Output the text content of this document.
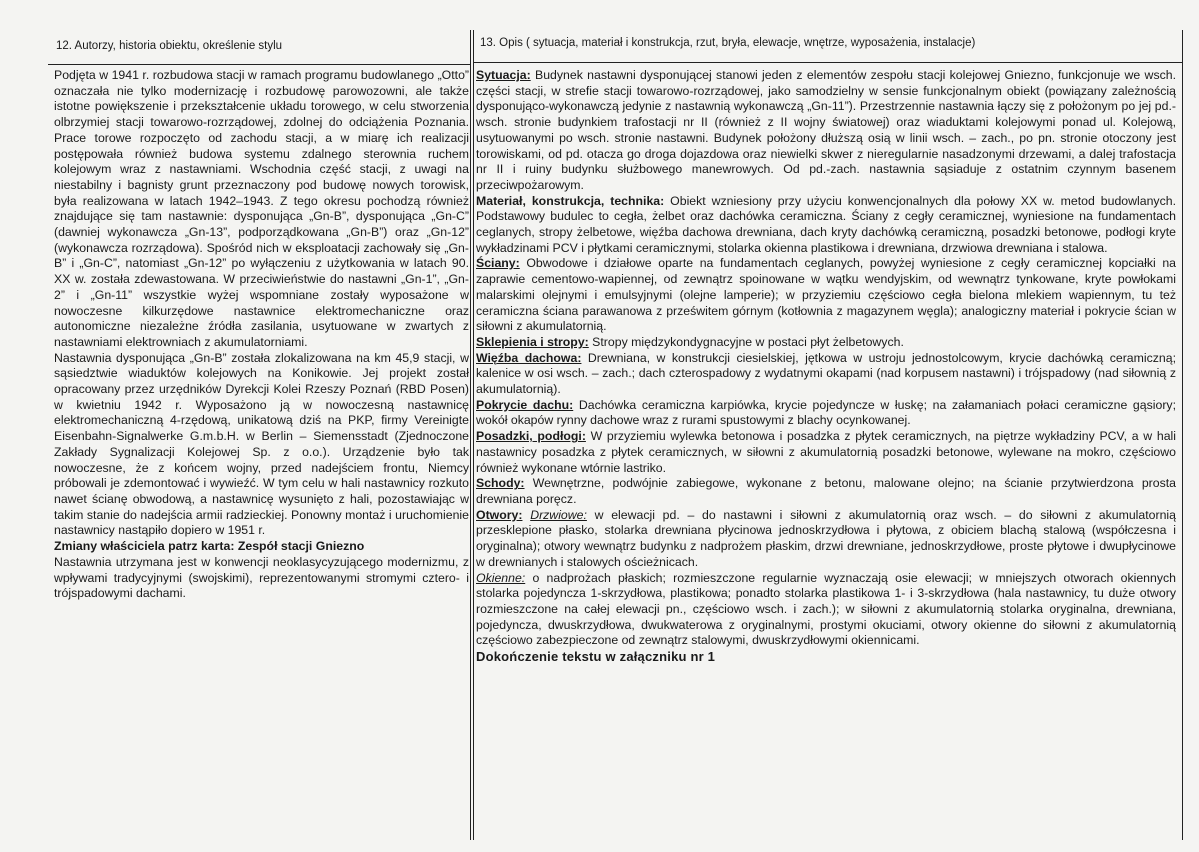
12. Autorzy, historia obiektu, określenie stylu	13. Opis ( sytuacja, materiał i konstrukcja, rzut, bryła, elewacje, wnętrze, wyposażenia, instalacje)

Podjęta w 1941 r. rozbudowa stacji w ramach programu budowlanego „Otto” oznaczała nie tylko modernizację i rozbudowę parowozowni, ale także istotne powiększenie i przekształcenie układu torowego, w celu stworzenia olbrzymiej stacji towarowo-rozrządowej, zdolnej do odciążenia Poznania. Prace torowe rozpoczęto od zachodu stacji, a w miarę ich realizacji postępowała również budowa systemu zdalnego sterownia ruchem kolejowym wraz z nastawniami. Wschodnia część stacji, z uwagi na niestabilny i bagnisty grunt przeznaczony pod budowę nowych torowisk, była realizowana w latach 1942–1943. Z tego okresu pochodzą również znajdujące się tam nastawnie: dysponująca „Gn-B”, dysponująca „Gn-C” (dawniej wykonawcza „Gn-13”, podporządkowana „Gn-B”) oraz „Gn-12” (wykonawcza rozrządowa). Spośród nich w eksploatacji zachowały się „Gn-B” i „Gn-C”, natomiast „Gn-12” po wyłączeniu z użytkowania w latach 90. XX w. została zdewastowana. W przeciwieństwie do nastawni „Gn-1”, „Gn-2” i „Gn-11” wszystkie wyżej wspomniane zostały wyposażone w nowoczesne kilkurzędowe nastawnice elektromechaniczne oraz autonomiczne niezależne źródła zasilania, usytuowane w zwartych z nastawniami elektrowniach z akumulatorniami.

Nastawnia dysponująca „Gn-B” została zlokalizowana na km 45,9 stacji, w sąsiedztwie wiaduktów kolejowych na Konikowie. Jej projekt został opracowany przez urzędników Dyrekcji Kolei Rzeszy Poznań (RBD Posen) w kwietniu 1942 r. Wyposażono ją w nowoczesną nastawnicę elektromechaniczną 4-rzędową, unikatową dziś na PKP, firmy Vereinigte Eisenbahn-Signalwerke G.m.b.H. w Berlin – Siemensstadt (Zjednoczone Zakłady Sygnalizacji Kolejowej Sp. z o.o.). Urządzenie było tak nowoczesne, że z końcem wojny, przed nadejściem frontu, Niemcy próbowali je zdemontować i wywieźć. W tym celu w hali nastawnicy rozkuto nawet ścianę obwodową, a nastawnicę wysunięto z hali, pozostawiając w takim stanie do nadejścia armii radzieckiej. Ponowny montaż i uruchomienie nastawnicy nastąpiło dopiero w 1951 r.

Zmiany właściciela patrz karta: Zespół stacji Gniezno

Nastawnia utrzymana jest w konwencji neoklasycyzującego modernizmu, z wpływami tradycyjnymi (swojskimi), reprezentowanymi stromymi cztero- i trójspadowymi dachami.

Sytuacja: Budynek nastawni dysponującej stanowi jeden z elementów zespołu stacji kolejowej Gniezno, funkcjonuje we wsch. części stacji, w strefie stacji towarowo-rozrządowej, jako samodzielny w sensie funkcjonalnym obiekt (powiązany zależnością dysponująco-wykonawczą jedynie z nastawnią wykonawczą „Gn-11”). Przestrzennie nastawnia łączy się z położonym po jej pd.-wsch. stronie budynkiem trafostacji nr II (również z II wojny światowej) oraz wiaduktami kolejowymi ponad ul. Kolejową, usytuowanymi po wsch. stronie nastawni. Budynek położony dłuższą osią w linii wsch. – zach., po pn. stronie otoczony jest torowiskami, od pd. otacza go droga dojazdowa oraz niewielki skwer z nieregularnie nasadzonymi drzewami, a dalej trafostacja nr II i ruiny budynku służbowego manewrowych. Od pd.-zach. nastawnia sąsiaduje z ostatnim czynnym basenem przeciwpożarowym.

Materiał, konstrukcja, technika: Obiekt wzniesiony przy użyciu konwencjonalnych dla połowy XX w. metod budowlanych. Podstawowy budulec to cegła, żelbet oraz dachówka ceramiczna. Ściany z cegły ceramicznej, wyniesione na fundamentach ceglanych, stropy żelbetowe, więźba dachowa drewniana, dach kryty dachówką ceramiczną, posadzki betonowe, podłogi kryte wykładzinami PCV i płytkami ceramicznymi, stolarka okienna plastikowa i drewniana, drzwiowa drewniana i stalowa.

Ściany: Obwodowe i działowe oparte na fundamentach ceglanych, powyżej wyniesione z cegły ceramicznej kopciałki na zaprawie cementowo-wapiennej, od zewnątrz spoinowane w wątku wendyjskim, od wewnątrz tynkowane, kryte powłokami malarskimi olejnymi i emulsyjnymi (olejne lamperie); w przyziemiu częściowo cegła bielona mlekiem wapiennym, tu też ceramiczna ściana parawanowa z prześwitem górnym (kotłownia z magazynem węgla); analogiczny materiał i pokrycie ścian w siłowni z akumulatornią.

Sklepienia i stropy: Stropy międzykondygnacyjne w postaci płyt żelbetowych.

Więźba dachowa: Drewniana, w konstrukcji ciesielskiej, jętkowa w ustroju jednostolcowym, krycie dachówką ceramiczną; kalenice w osi wsch. – zach.; dach czterospadowy z wydatnymi okapami (nad korpusem nastawni) i trójspadowy (nad siłownią z akumulatornią).

Pokrycie dachu: Dachówka ceramiczna karpiówka, krycie pojedyncze w łuskę; na załamaniach połaci ceramiczne gąsiory; wokół okapów rynny dachowe wraz z rurami spustowymi z blachy ocynkowanej.

Posadzki, podłogi: W przyziemiu wylewka betonowa i posadzka z płytek ceramicznych, na piętrze wykładziny PCV, a w hali nastawnicy posadzka z płytek ceramicznych, w siłowni z akumulatornią posadzki betonowe, wylewane na mokro, częściowo również wykonane wtórnie lastriko.

Schody: Wewnętrzne, podwójnie zabiegowe, wykonane z betonu, malowane olejno; na ścianie przytwierdzona prosta drewniana poręcz.

Otwory: Drzwiowe: w elewacji pd. – do nastawni i siłowni z akumulatornią oraz wsch. – do siłowni z akumulatornią przesklepione płasko, stolarka drewniana płycinowa jednoskrzydłowa i płytowa, z obiciem blachą stalową (współczesna i oryginalna); otwory wewnątrz budynku z nadprożem płaskim, drzwi drewniane, jednoskrzydłowe, proste płytowe i dwupłycinowe w drewnianych i stalowych ościeżnicach.

Okienne: o nadprożach płaskich; rozmieszczone regularnie wyznaczają osie elewacji; w mniejszych otworach okiennych stolarka pojedyncza 1-skrzydłowa, plastikowa; ponadto stolarka plastikowa 1- i 3-skrzydłowa (hala nastawnicy, tu duże otwory rozmieszczone na całej elewacji pn., częściowo wsch. i zach.); w siłowni z akumulatornią stolarka oryginalna, drewniana, pojedyncza, dwuskrzydłowa, dwukwaterowa z oryginalnymi, prostymi okuciami, otwory okienne do siłowni z akumulatornią częściowo zabezpieczone od zewnątrz stalowymi, dwuskrzydłowymi okiennicami.

Dokończenie tekstu w załączniku nr 1
